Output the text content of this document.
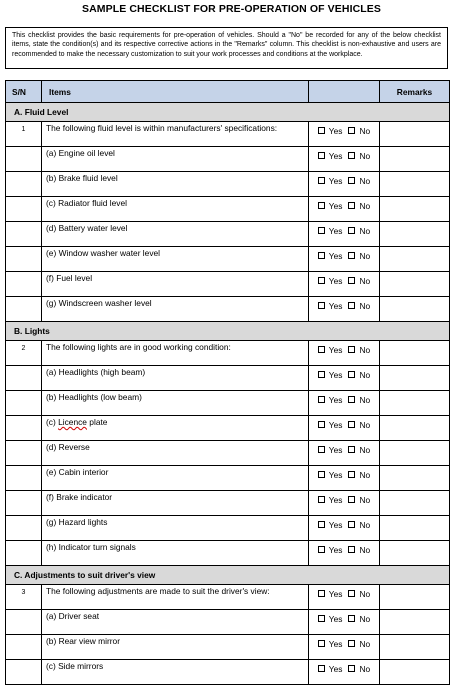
SAMPLE CHECKLIST FOR PRE-OPERATION OF VEHICLES
This checklist provides the basic requirements for pre-operation of vehicles. Should a "No" be recorded for any of the below checklist items, state the condition(s) and its respective corrective actions in the "Remarks" column. This checklist is non-exhaustive and users are recommended to make the necessary customization to suit your work processes and conditions at the workplace.
S/N	Items		Remarks
A. Fluid Level			
1	The following fluid level is within manufacturers' specifications:	Yes No	
	(a) Engine oil level	Yes No	
	(b) Brake fluid level	Yes No	
	(c) Radiator fluid level	Yes No	
	(d) Battery water level	Yes No	
	(e) Window washer water level	Yes No	
	(f) Fuel level	Yes No	
	(g) Windscreen washer level	Yes No	
B. Lights			
2	The following lights are in good working condition:	Yes No	
	(a) Headlights (high beam)	Yes No	
	(b) Headlights (low beam)	Yes No	
	(c) Licence plate	Yes No	
	(d) Reverse	Yes No	
	(e) Cabin interior	Yes No	
	(f) Brake indicator	Yes No	
	(g) Hazard lights	Yes No	
	(h) Indicator turn signals	Yes No	
C. Adjustments to suit driver's view			
3	The following adjustments are made to suit the driver's view:	Yes No	
	(a) Driver seat	Yes No	
	(b) Rear view mirror	Yes No	
	(c) Side mirrors	Yes No	
